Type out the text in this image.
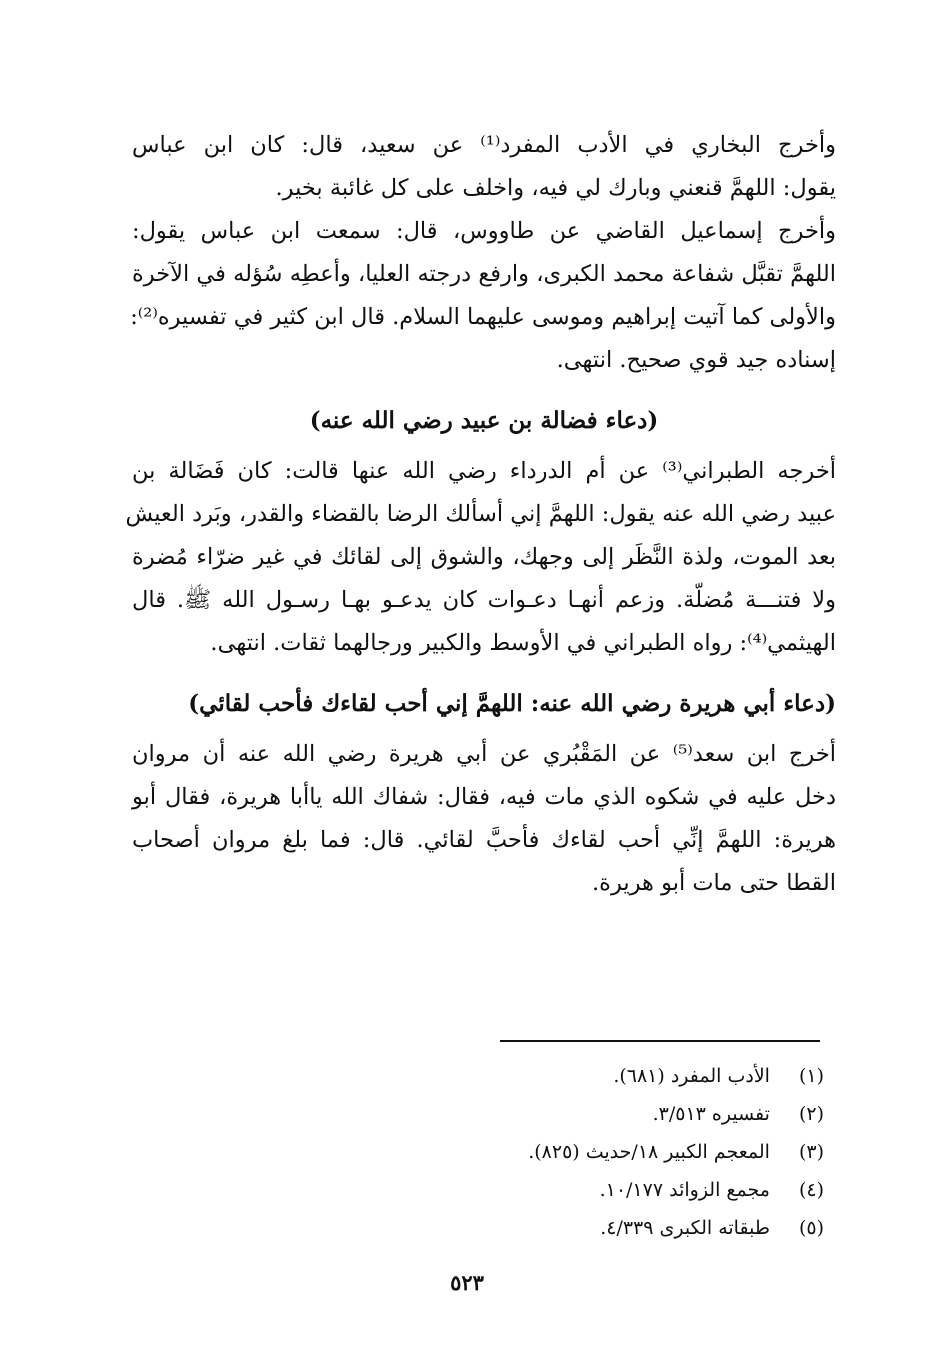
وأخرج البخاري في الأدب المفرد⁽¹⁾ عن سعيد، قال: كان ابن عباس
يقول: اللهمَّ قنعني وبارك لي فيه، واخلف على كل غائبة بخير.
وأخرج إسماعيل القاضي عن طاووس، قال: سمعت ابن عباس يقول:
اللهمَّ تقبَّل شفاعة محمد الكبرى، وارفع درجته العليا، وأعطِه سُؤله في الآخرة
والأولى كما آتيت إبراهيم وموسى عليهما السلام. قال ابن كثير في تفسيره⁽²⁾:
إسناده جيد قوي صحيح. انتهى.
(دعاء فضالة بن عبيد رضي الله عنه)
أخرجه الطبراني⁽³⁾ عن أم الدرداء رضي الله عنها قالت: كان فَضَالة بن
عبيد رضي الله عنه يقول: اللهمَّ إني أسألك الرضا بالقضاء والقدر، وبَرد العيش
بعد الموت، ولذة النَّظَر إلى وجهك، والشوق إلى لقائك في غير ضرّاء مُضرة
ولا فتنـــة مُضلّة. وزعم أنهـا دعـوات كان يدعـو بهـا رسـول الله ﷺ. قال
الهيثمي⁽⁴⁾: رواه الطبراني في الأوسط والكبير ورجالهما ثقات. انتهى.
(دعاء أبي هريرة رضي الله عنه: اللهمَّ إني أحب لقاءك فأحب لقائي)
أخرج ابن سعد⁽⁵⁾ عن المَقْبُري عن أبي هريرة رضي الله عنه أن مروان
دخل عليه في شكوه الذي مات فيه، فقال: شفاك الله ياأبا هريرة، فقال أبو
هريرة: اللهمَّ إنِّي أحب لقاءك فأحبَّ لقائي. قال: فما بلغ مروان أصحاب
القطا حتى مات أبو هريرة.
(١) الأدب المفرد (٦٨١).
(٢) تفسيره ٣/٥١٣.
(٣) المعجم الكبير ١٨/حديث (٨٢٥).
(٤) مجمع الزوائد ١٠/١٧٧.
(٥) طبقاته الكبرى ٤/٣٣٩.
٥٢٣
